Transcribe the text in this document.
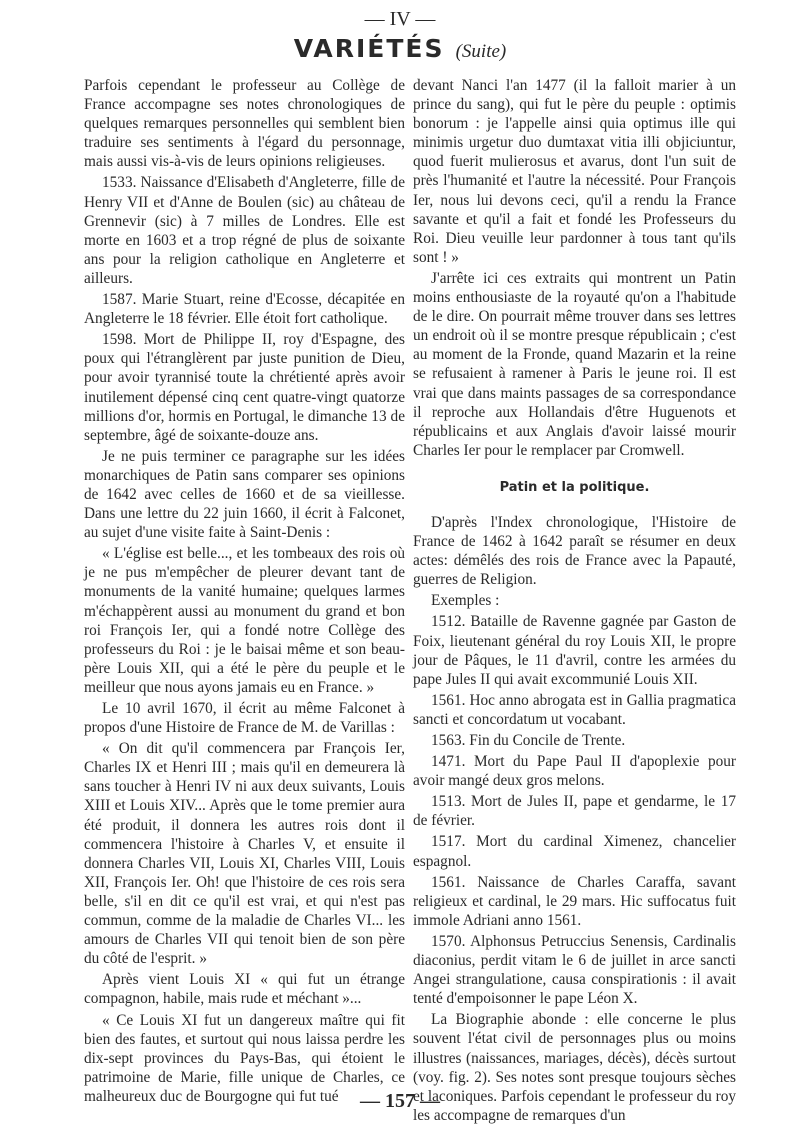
— IV —
VARIÉTÉS (Suite)

Parfois cependant le professeur au Collège de France accompagne ses notes chronologiques de quelques remarques personnelles qui semblent bien traduire ses sentiments à l'égard du personnage, mais aussi vis-à-vis de leurs opinions religieuses.

1533. Naissance d'Elisabeth d'Angleterre, fille de Henry VII et d'Anne de Boulen (sic) au château de Grennevir (sic) à 7 milles de Londres. Elle est morte en 1603 et a trop régné de plus de soixante ans pour la religion catholique en Angleterre et ailleurs.

1587. Marie Stuart, reine d'Ecosse, décapitée en Angleterre le 18 février. Elle étoit fort catholique.

1598. Mort de Philippe II, roy d'Espagne, des poux qui l'étranglèrent par juste punition de Dieu, pour avoir tyrannisé toute la chrétienté après avoir inutilement dépensé cinq cent quatre-vingt quatorze millions d'or, hormis en Portugal, le dimanche 13 de septembre, âgé de soixante-douze ans.

Je ne puis terminer ce paragraphe sur les idées monarchiques de Patin sans comparer ses opinions de 1642 avec celles de 1660 et de sa vieillesse. Dans une lettre du 22 juin 1660, il écrit à Falconet, au sujet d'une visite faite à Saint-Denis :

« L'église est belle..., et les tombeaux des rois où je ne pus m'empêcher de pleurer devant tant de monuments de la vanité humaine; quelques larmes m'échappèrent aussi au monument du grand et bon roi François Ier, qui a fondé notre Collège des professeurs du Roi : je le baisai même et son beau-père Louis XII, qui a été le père du peuple et le meilleur que nous ayons jamais eu en France. »

Le 10 avril 1670, il écrit au même Falconet à propos d'une Histoire de France de M. de Varillas :

« On dit qu'il commencera par François Ier, Charles IX et Henri III ; mais qu'il en demeurera là sans toucher à Henri IV ni aux deux suivants, Louis XIII et Louis XIV... Après que le tome premier aura été produit, il donnera les autres rois dont il commencera l'histoire à Charles V, et ensuite il donnera Charles VII, Louis XI, Charles VIII, Louis XII, François Ier. Oh! que l'histoire de ces rois sera belle, s'il en dit ce qu'il est vrai, et qui n'est pas commun, comme de la maladie de Charles VI... les amours de Charles VII qui tenoit bien de son père du côté de l'esprit. »

Après vient Louis XI « qui fut un étrange compagnon, habile, mais rude et méchant »...

« Ce Louis XI fut un dangereux maître qui fit bien des fautes, et surtout qui nous laissa perdre les dix-sept provinces du Pays-Bas, qui étoient le patrimoine de Marie, fille unique de Charles, ce malheureux duc de Bourgogne qui fut tué

devant Nanci l'an 1477 (il la falloit marier à un prince du sang), qui fut le père du peuple : optimis bonorum : je l'appelle ainsi quia optimus ille qui minimis urgetur duo dumtaxat vitia illi objiciuntur, quod fuerit mulierosus et avarus, dont l'un suit de près l'humanité et l'autre la nécessité. Pour François Ier, nous lui devons ceci, qu'il a rendu la France savante et qu'il a fait et fondé les Professeurs du Roi. Dieu veuille leur pardonner à tous tant qu'ils sont ! »

J'arrête ici ces extraits qui montrent un Patin moins enthousiaste de la royauté qu'on a l'habitude de le dire. On pourrait même trouver dans ses lettres un endroit où il se montre presque républicain ; c'est au moment de la Fronde, quand Mazarin et la reine se refusaient à ramener à Paris le jeune roi. Il est vrai que dans maints passages de sa correspondance il reproche aux Hollandais d'être Huguenots et républicains et aux Anglais d'avoir laissé mourir Charles Ier pour le remplacer par Cromwell.

Patin et la politique.

D'après l'Index chronologique, l'Histoire de France de 1462 à 1642 paraît se résumer en deux actes: démêlés des rois de France avec la Papauté, guerres de Religion.

Exemples :

1512. Bataille de Ravenne gagnée par Gaston de Foix, lieutenant général du roy Louis XII, le propre jour de Pâques, le 11 d'avril, contre les armées du pape Jules II qui avait excommunié Louis XII.

1561. Hoc anno abrogata est in Gallia pragmatica sancti et concordatum ut vocabant.

1563. Fin du Concile de Trente.

1471. Mort du Pape Paul II d'apoplexie pour avoir mangé deux gros melons.

1513. Mort de Jules II, pape et gendarme, le 17 de février.

1517. Mort du cardinal Ximenez, chancelier espagnol.

1561. Naissance de Charles Caraffa, savant religieux et cardinal, le 29 mars. Hic suffocatus fuit immole Adriani anno 1561.

1570. Alphonsus Petruccius Senensis, Cardinalis diaconius, perdit vitam le 6 de juillet in arce sancti Angei strangulatione, causa conspirationis : il avait tenté d'empoisonner le pape Léon X.

La Biographie abonde : elle concerne le plus souvent l'état civil de personnages plus ou moins illustres (naissances, mariages, décès), décès surtout (voy. fig. 2). Ses notes sont presque toujours sèches et laconiques. Parfois cependant le professeur du roy les accompagne de remarques d'un

— 157 —
